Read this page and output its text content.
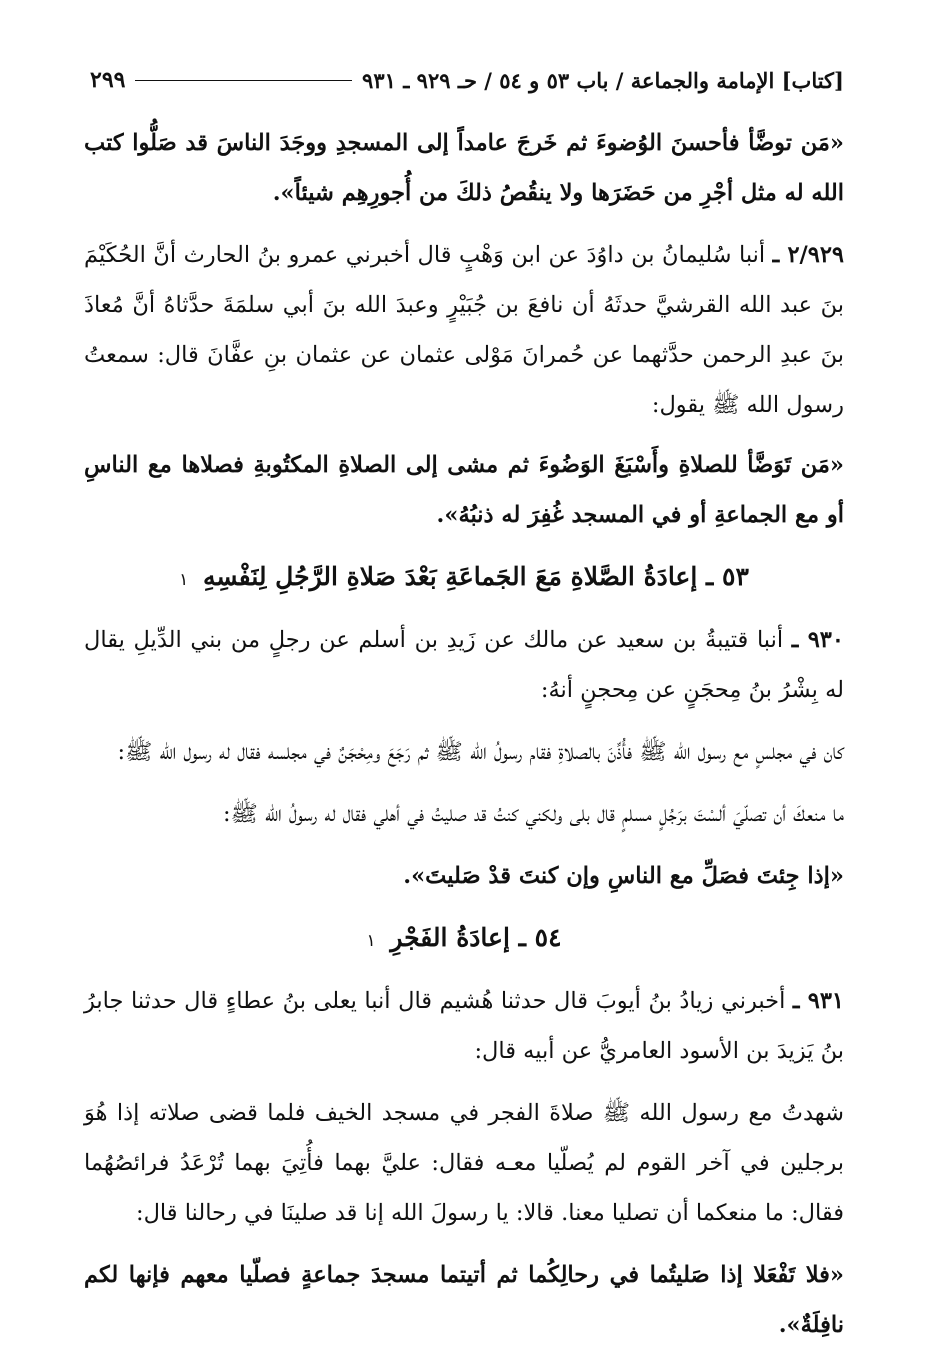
[كتاب] الإمامة والجماعة / باب ٥٣ و ٥٤ / حـ ٩٢٩ ـ ٩٣١
٢٩٩

«مَن توضَّأ فأحسنَ الوُضوءَ ثم خَرجَ عامداً إلى المسجدِ ووجَدَ الناسَ قد صَلُّوا كتب الله له مثل أجْرِ من حَضَرَها ولا ينقُصُ ذلكَ من أُجورِهِم شيئاً».

٢/٩٢٩ ـ أنبا سُليمانُ بن داوُدَ عن ابن وَهْبٍ قال أخبرني عمرو بنُ الحارث أنَّ الحُكَيْمَ بنَ عبد الله القرشيَّ حدثَهُ أن نافعَ بن جُبَيْرٍ وعبدَ الله بنَ أبي سلمَةَ حدَّثاهُ أنَّ مُعاذَ بنَ عبدِ الرحمن حدَّثهما عن حُمرانَ مَوْلى عثمان عن عثمان بنِ عفَّانَ قال: سمعتُ رسول الله ﷺ يقول:

«مَن تَوَضَّأ للصلاةِ وأَسْبَغَ الوَضُوءَ ثم مشى إلى الصلاةِ المكتُوبةِ فصلاها مع الناسِ أو مع الجماعةِ أو في المسجد غُفِرَ له ذنبُهُ».

٥٣ ـ إعادَةُ الصَّلاةِ مَعَ الجَماعَةِ بَعْدَ صَلاةِ الرَّجُلِ لِنَفْسِهِ ١

٩٣٠ ـ أنبا قتيبةُ بن سعيد عن مالك عن زَيدِ بن أسلم عن رجلٍ من بني الدِّيلِ يقال له بِشْرُ بنُ مِحجَنٍ عن مِحجنٍ أنهُ:

كان في مجلسٍ مع رسول الله ﷺ فأُذِّنَ بالصلاةِ فقام رسولُ الله ﷺ ثم رَجَعَ ومِحْجَنٌ في مجلسه فقال له رسول الله ﷺ:

ما منعكَ أن تصلّيَ ألسْتَ برَجُلٍ مسلمٍ قال بلى ولكني كنتُ قد صليتُ في أهلي فقال له رسولُ الله ﷺ:

«إذا جِئتَ فصَلِّ مع الناسِ وإن كنتَ قدْ صَليتَ».

٥٤ ـ إعادَةُ الفَجْرِ ١

٩٣١ ـ أخبرني زيادُ بنُ أيوبَ قال حدثنا هُشيم قال أنبا يعلى بنُ عطاءٍ قال حدثنا جابرُ بنُ يَزيدَ بن الأسود العامريُّ عن أبيه قال:

شهدتُ مع رسول الله ﷺ صلاةَ الفجر في مسجد الخيف فلما قضى صلاته إذا هُوَ برجلين في آخر القوم لم يُصلّيا معـه فقال: عليَّ بهما فأُتِيَ بهما تُرْعَدُ فرائصُهُما فقال: ما منعكما أن تصليا معنا. قالا: يا رسولَ الله إنا قد صلينَا في رحالنا قال:

«فلا تَفْعَلا إذا صَليتُما في رحالِكُما ثم أتيتما مسجدَ جماعةٍ فصلّيا معهم فإنها لكم نافِلَةٌ».
